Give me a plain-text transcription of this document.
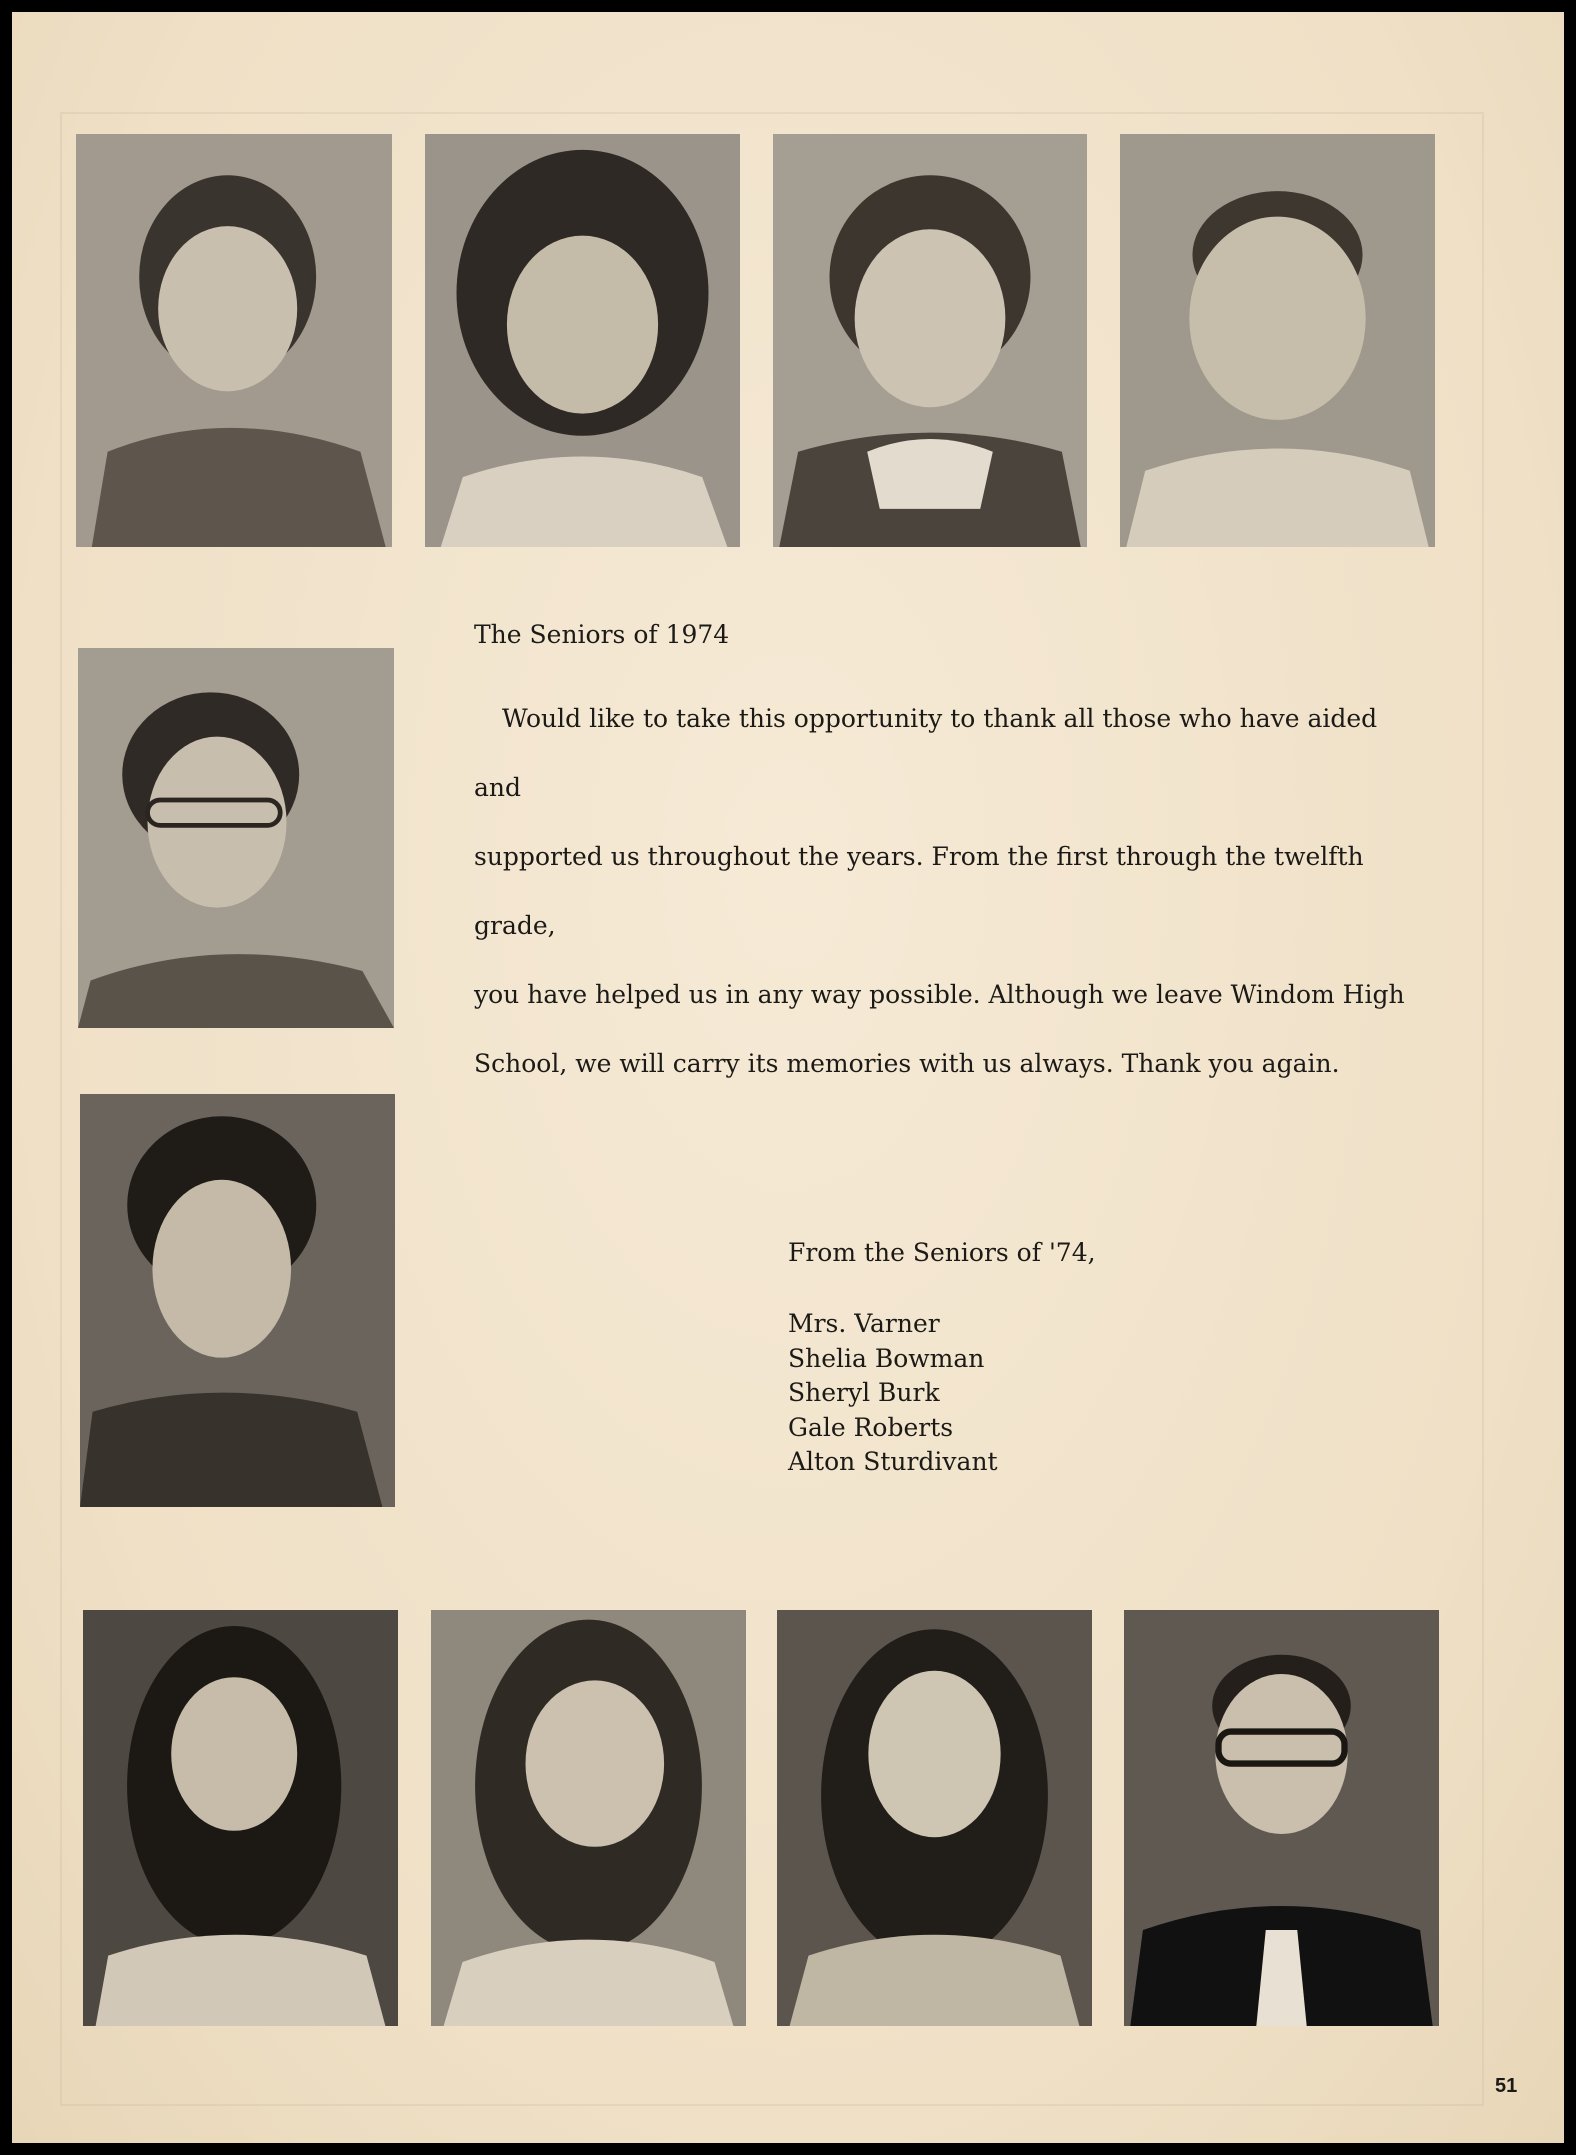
The Seniors of 1974

Would like to take this opportunity to thank all those who have aided and
supported us throughout the years. From the first through the twelfth grade,
you have helped us in any way possible. Although we leave Windom High
School, we will carry its memories with us always. Thank you again.

From the Seniors of '74,
Mrs. Varner
Shelia Bowman
Sheryl Burk
Gale Roberts
Alton Sturdivant
51
